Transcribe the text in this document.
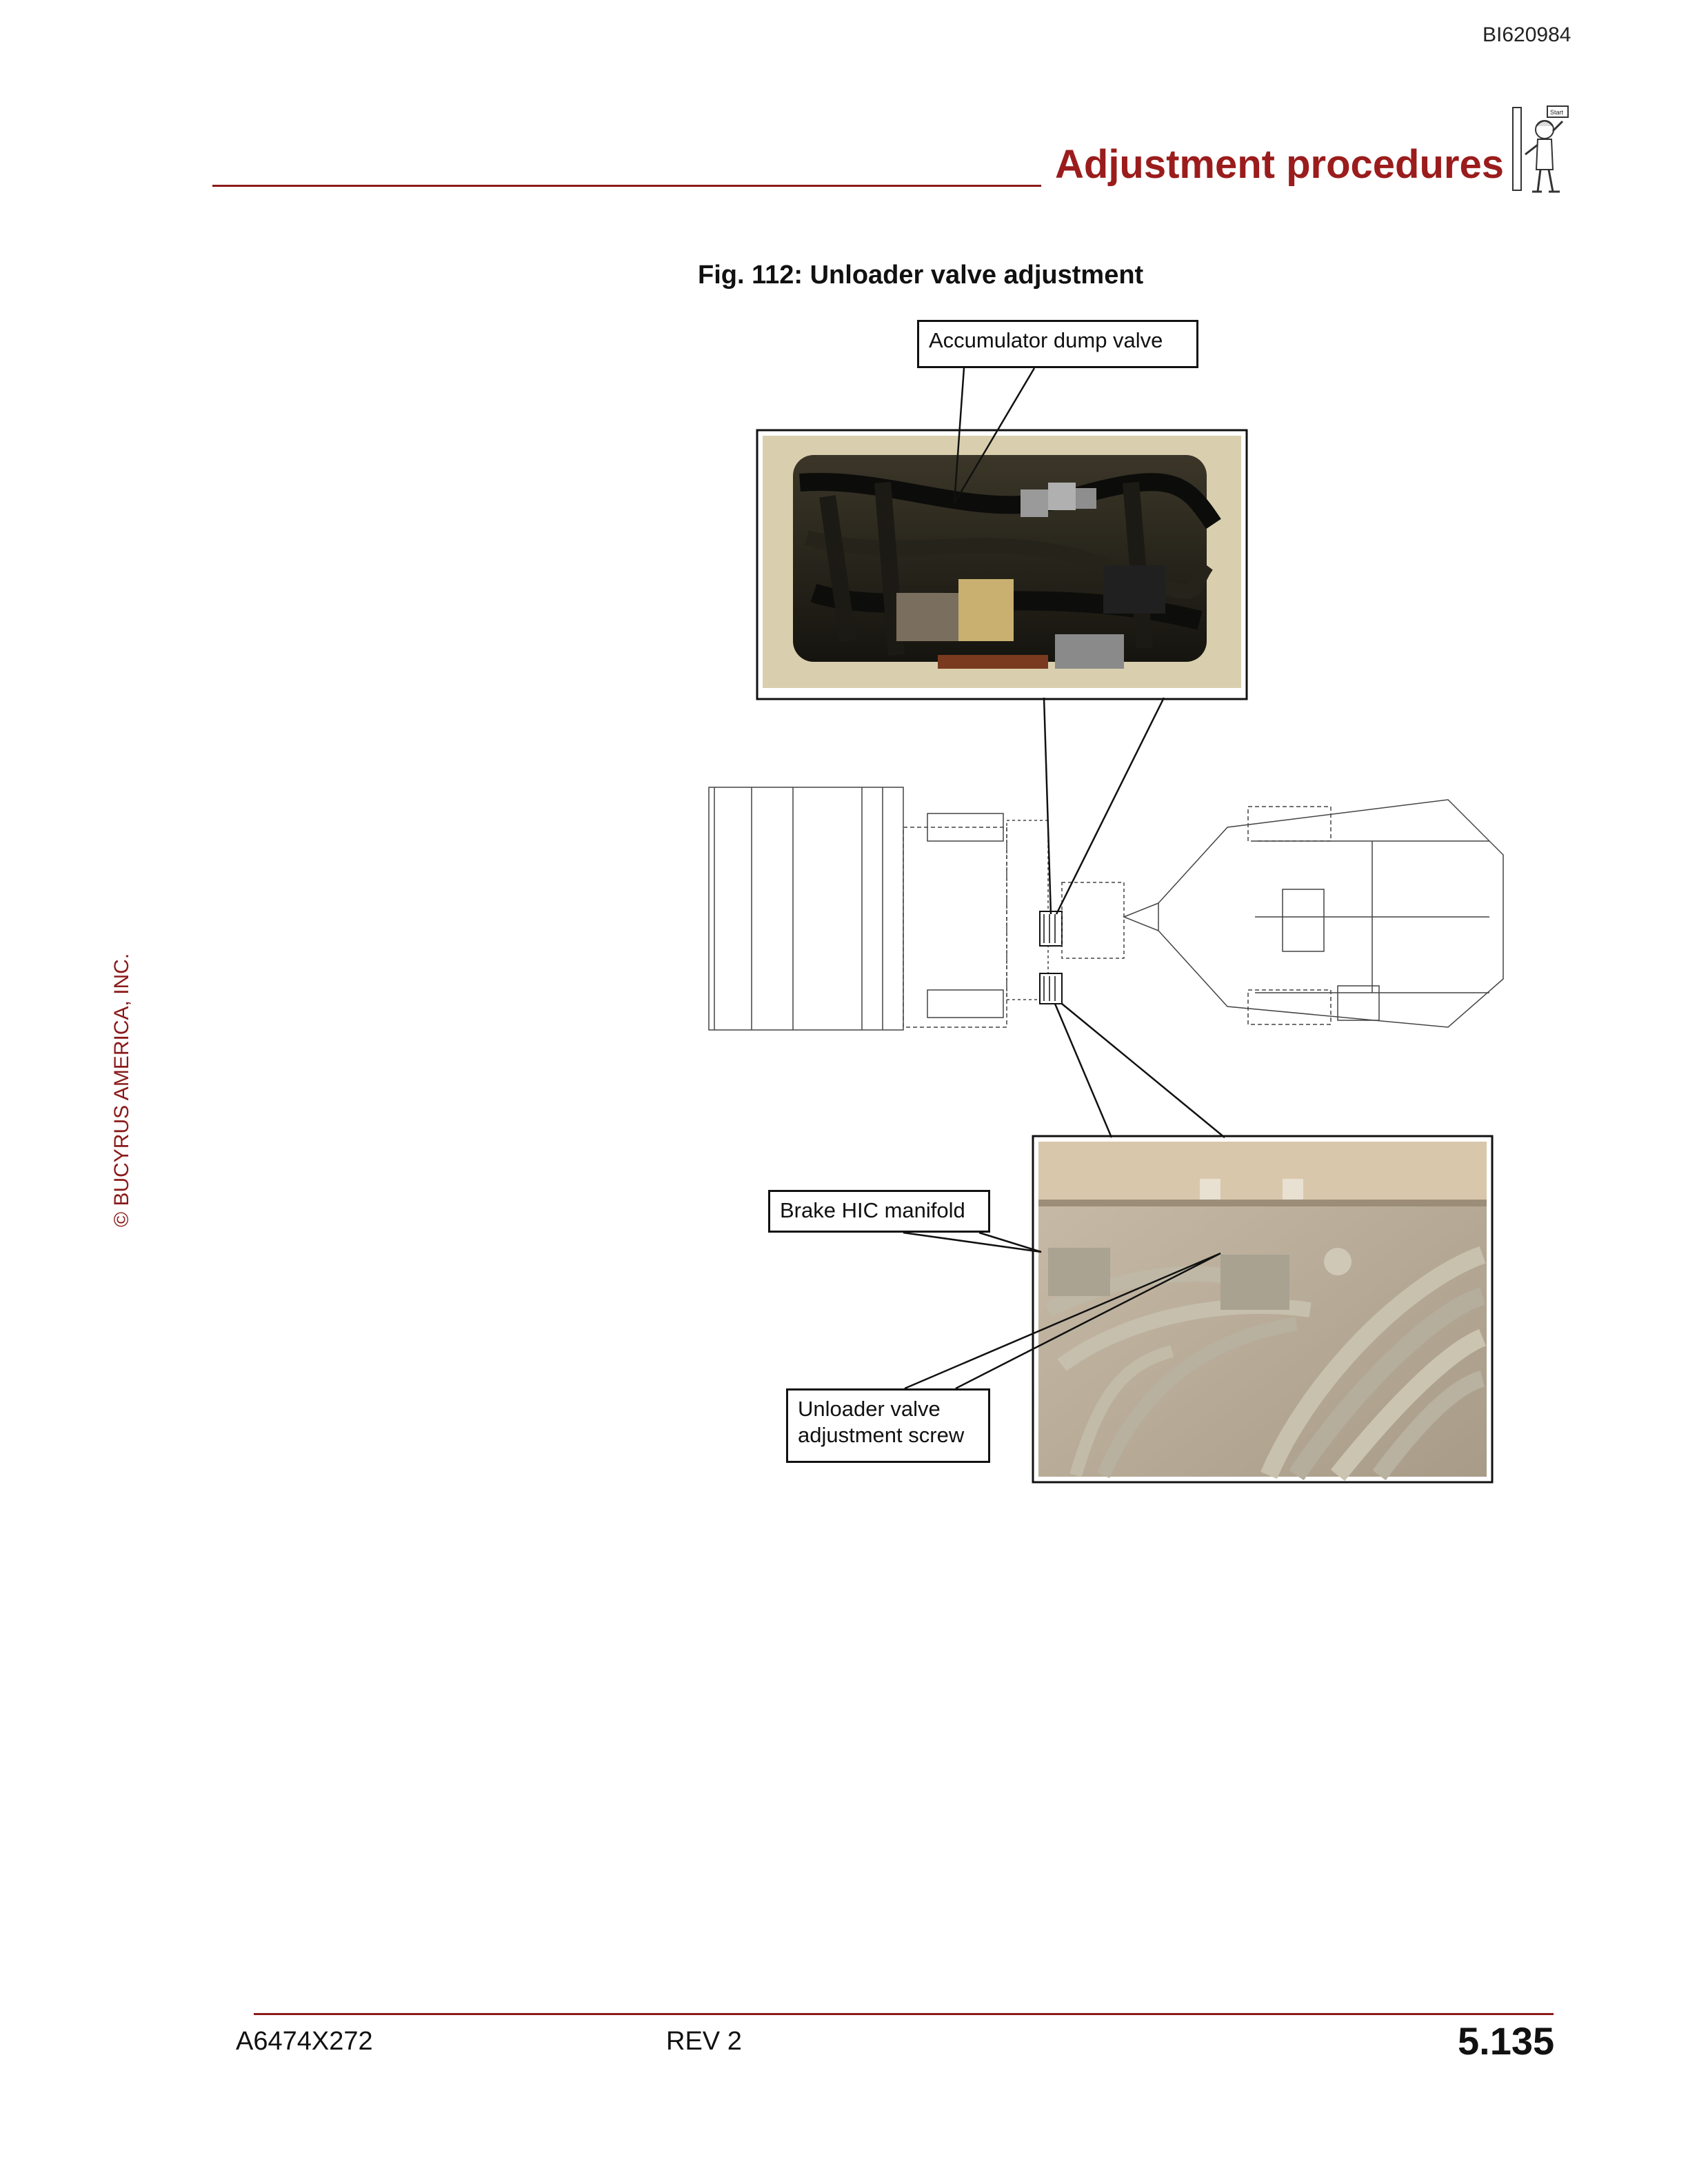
BI620984
Adjustment procedures
Start
© BUCYRUS AMERICA, INC.
Fig. 112: Unloader valve adjustment
Accumulator dump valve
Brake HIC manifold
Unloader valve
adjustment screw
A6474X272	REV 2	5.135
